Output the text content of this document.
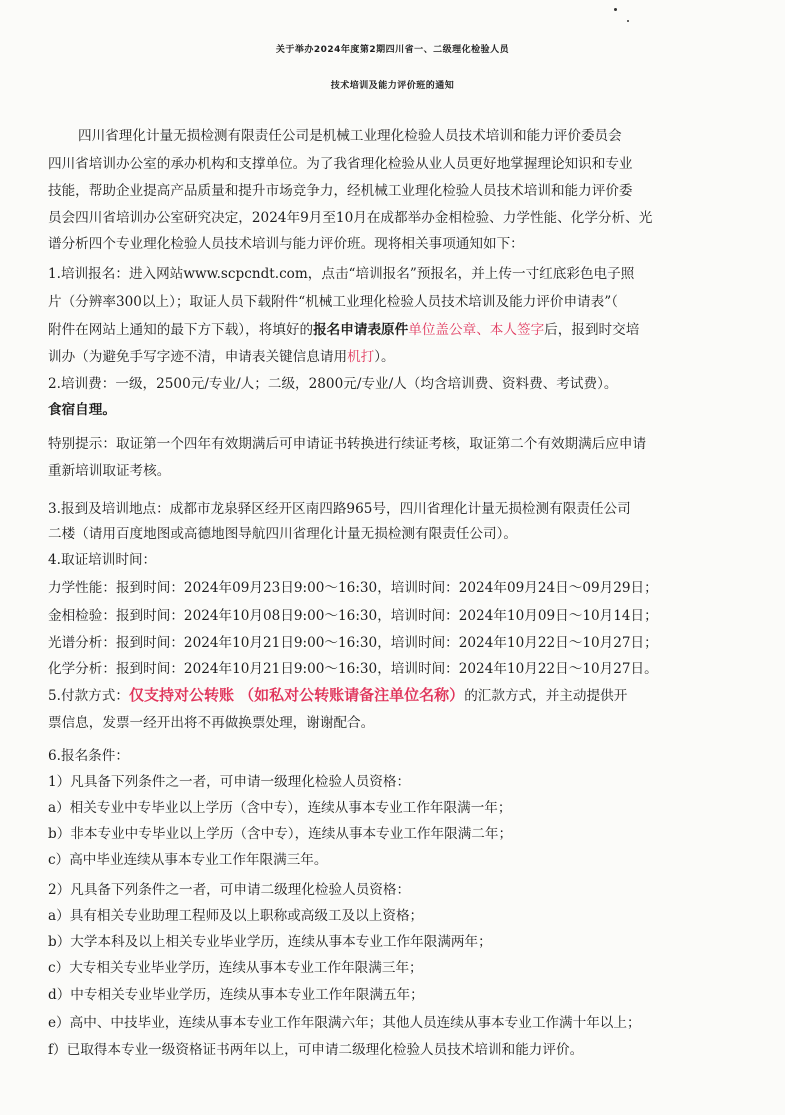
关于举办2024年度第2期四川省一、二级理化检验人员
技术培训及能力评价班的通知
四川省理化计量无损检测有限责任公司是机械工业理化检验人员技术培训和能力评价委员会
四川省培训办公室的承办机构和支撑单位。为了我省理化检验从业人员更好地掌握理论知识和专业
技能，帮助企业提高产品质量和提升市场竞争力，经机械工业理化检验人员技术培训和能力评价委
员会四川省培训办公室研究决定，2024年9月至10月在成都举办金相检验、力学性能、化学分析、光
谱分析四个专业理化检验人员技术培训与能力评价班。现将相关事项通知如下：
1.培训报名：进入网站www.scpcndt.com，点击“培训报名”预报名，并上传一寸红底彩色电子照
片（分辨率300以上）；取证人员下载附件“机械工业理化检验人员技术培训及能力评价申请表”（
附件在网站上通知的最下方下载），将填好的报名申请表原件单位盖公章、本人签字后，报到时交培
训办（为避免手写字迹不清，申请表关键信息请用机打）。
2.培训费：一级，2500元/专业/人；二级，2800元/专业/人（均含培训费、资料费、考试费）。
食宿自理。
特别提示：取证第一个四年有效期满后可申请证书转换进行续证考核，取证第二个有效期满后应申请
重新培训取证考核。
3.报到及培训地点：成都市龙泉驿区经开区南四路965号，四川省理化计量无损检测有限责任公司
二楼（请用百度地图或高德地图导航四川省理化计量无损检测有限责任公司）。
4.取证培训时间：
力学性能：报到时间：2024年09月23日9:00～16:30，培训时间：2024年09月24日～09月29日；
金相检验：报到时间：2024年10月08日9:00～16:30，培训时间：2024年10月09日～10月14日；
光谱分析：报到时间：2024年10月21日9:00～16:30，培训时间：2024年10月22日～10月27日；
化学分析：报到时间：2024年10月21日9:00～16:30，培训时间：2024年10月22日～10月27日。
5.付款方式：仅支持对公转账 （如私对公转账请备注单位名称）的汇款方式，并主动提供开
票信息，发票一经开出将不再做换票处理，谢谢配合。
6.报名条件：
1）凡具备下列条件之一者，可申请一级理化检验人员资格：
a）相关专业中专毕业以上学历（含中专），连续从事本专业工作年限满一年；
b）非本专业中专毕业以上学历（含中专），连续从事本专业工作年限满二年；
c）高中毕业连续从事本专业工作年限满三年。
2）凡具备下列条件之一者，可申请二级理化检验人员资格：
a）具有相关专业助理工程师及以上职称或高级工及以上资格；
b）大学本科及以上相关专业毕业学历，连续从事本专业工作年限满两年；
c）大专相关专业毕业学历，连续从事本专业工作年限满三年；
d）中专相关专业毕业学历，连续从事本专业工作年限满五年；
e）高中、中技毕业，连续从事本专业工作年限满六年；其他人员连续从事本专业工作满十年以上；
f）已取得本专业一级资格证书两年以上，可申请二级理化检验人员技术培训和能力评价。
